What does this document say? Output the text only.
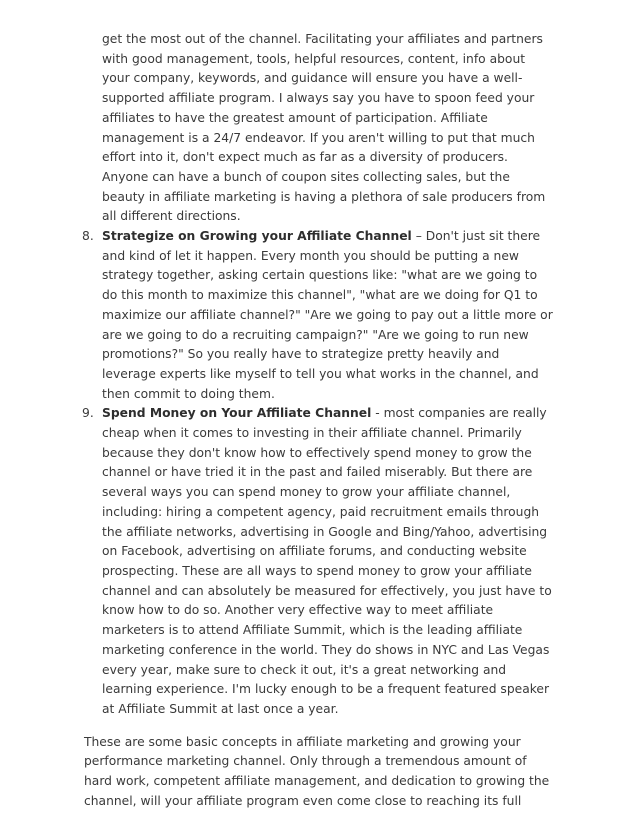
get the most out of the channel. Facilitating your affiliates and partners with good management, tools, helpful resources, content, info about your company, keywords, and guidance will ensure you have a well-supported affiliate program. I always say you have to spoon feed your affiliates to have the greatest amount of participation. Affiliate management is a 24/7 endeavor. If you aren't willing to put that much effort into it, don't expect much as far as a diversity of producers. Anyone can have a bunch of coupon sites collecting sales, but the beauty in affiliate marketing is having a plethora of sale producers from all different directions.

8. Strategize on Growing your Affiliate Channel – Don't just sit there and kind of let it happen. Every month you should be putting a new strategy together, asking certain questions like: "what are we going to do this month to maximize this channel", "what are we doing for Q1 to maximize our affiliate channel?" "Are we going to pay out a little more or are we going to do a recruiting campaign?" "Are we going to run new promotions?" So you really have to strategize pretty heavily and leverage experts like myself to tell you what works in the channel, and then commit to doing them.
9. Spend Money on Your Affiliate Channel - most companies are really cheap when it comes to investing in their affiliate channel. Primarily because they don't know how to effectively spend money to grow the channel or have tried it in the past and failed miserably. But there are several ways you can spend money to grow your affiliate channel, including: hiring a competent agency, paid recruitment emails through the affiliate networks, advertising in Google and Bing/Yahoo, advertising on Facebook, advertising on affiliate forums, and conducting website prospecting. These are all ways to spend money to grow your affiliate channel and can absolutely be measured for effectively, you just have to know how to do so. Another very effective way to meet affiliate marketers is to attend Affiliate Summit, which is the leading affiliate marketing conference in the world. They do shows in NYC and Las Vegas every year, make sure to check it out, it's a great networking and learning experience. I'm lucky enough to be a frequent featured speaker at Affiliate Summit at last once a year.

These are some basic concepts in affiliate marketing and growing your performance marketing channel. Only through a tremendous amount of hard work, competent affiliate management, and dedication to growing the channel, will your affiliate program even come close to reaching its full
